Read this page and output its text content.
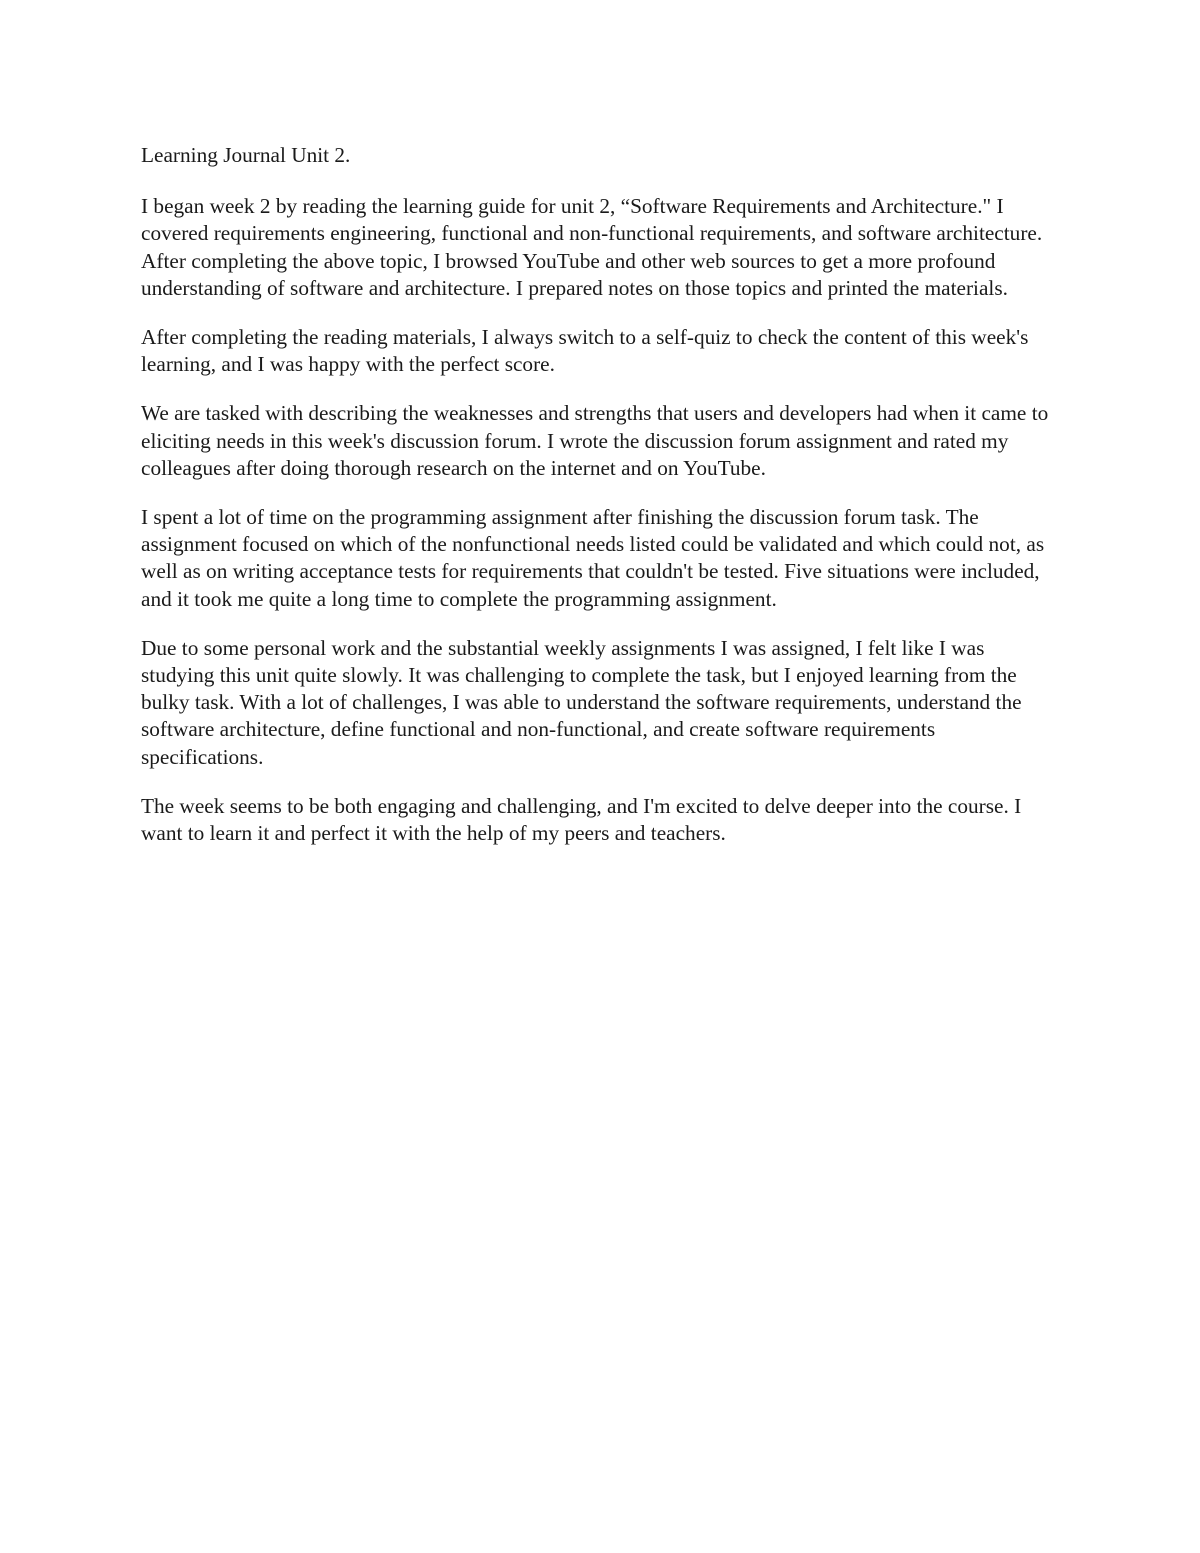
Learning Journal Unit 2.

I began week 2 by reading the learning guide for unit 2, “Software Requirements and Architecture." I covered requirements engineering, functional and non-functional requirements, and software architecture. After completing the above topic, I browsed YouTube and other web sources to get a more profound understanding of software and architecture. I prepared notes on those topics and printed the materials.

After completing the reading materials, I always switch to a self-quiz to check the content of this week's learning, and I was happy with the perfect score.

We are tasked with describing the weaknesses and strengths that users and developers had when it came to eliciting needs in this week's discussion forum. I wrote the discussion forum assignment and rated my colleagues after doing thorough research on the internet and on YouTube.

I spent a lot of time on the programming assignment after finishing the discussion forum task. The assignment focused on which of the nonfunctional needs listed could be validated and which could not, as well as on writing acceptance tests for requirements that couldn't be tested. Five situations were included, and it took me quite a long time to complete the programming assignment.

Due to some personal work and the substantial weekly assignments I was assigned, I felt like I was studying this unit quite slowly. It was challenging to complete the task, but I enjoyed learning from the bulky task. With a lot of challenges, I was able to understand the software requirements, understand the software architecture, define functional and non-functional, and create software requirements specifications.

The week seems to be both engaging and challenging, and I'm excited to delve deeper into the course. I want to learn it and perfect it with the help of my peers and teachers.
